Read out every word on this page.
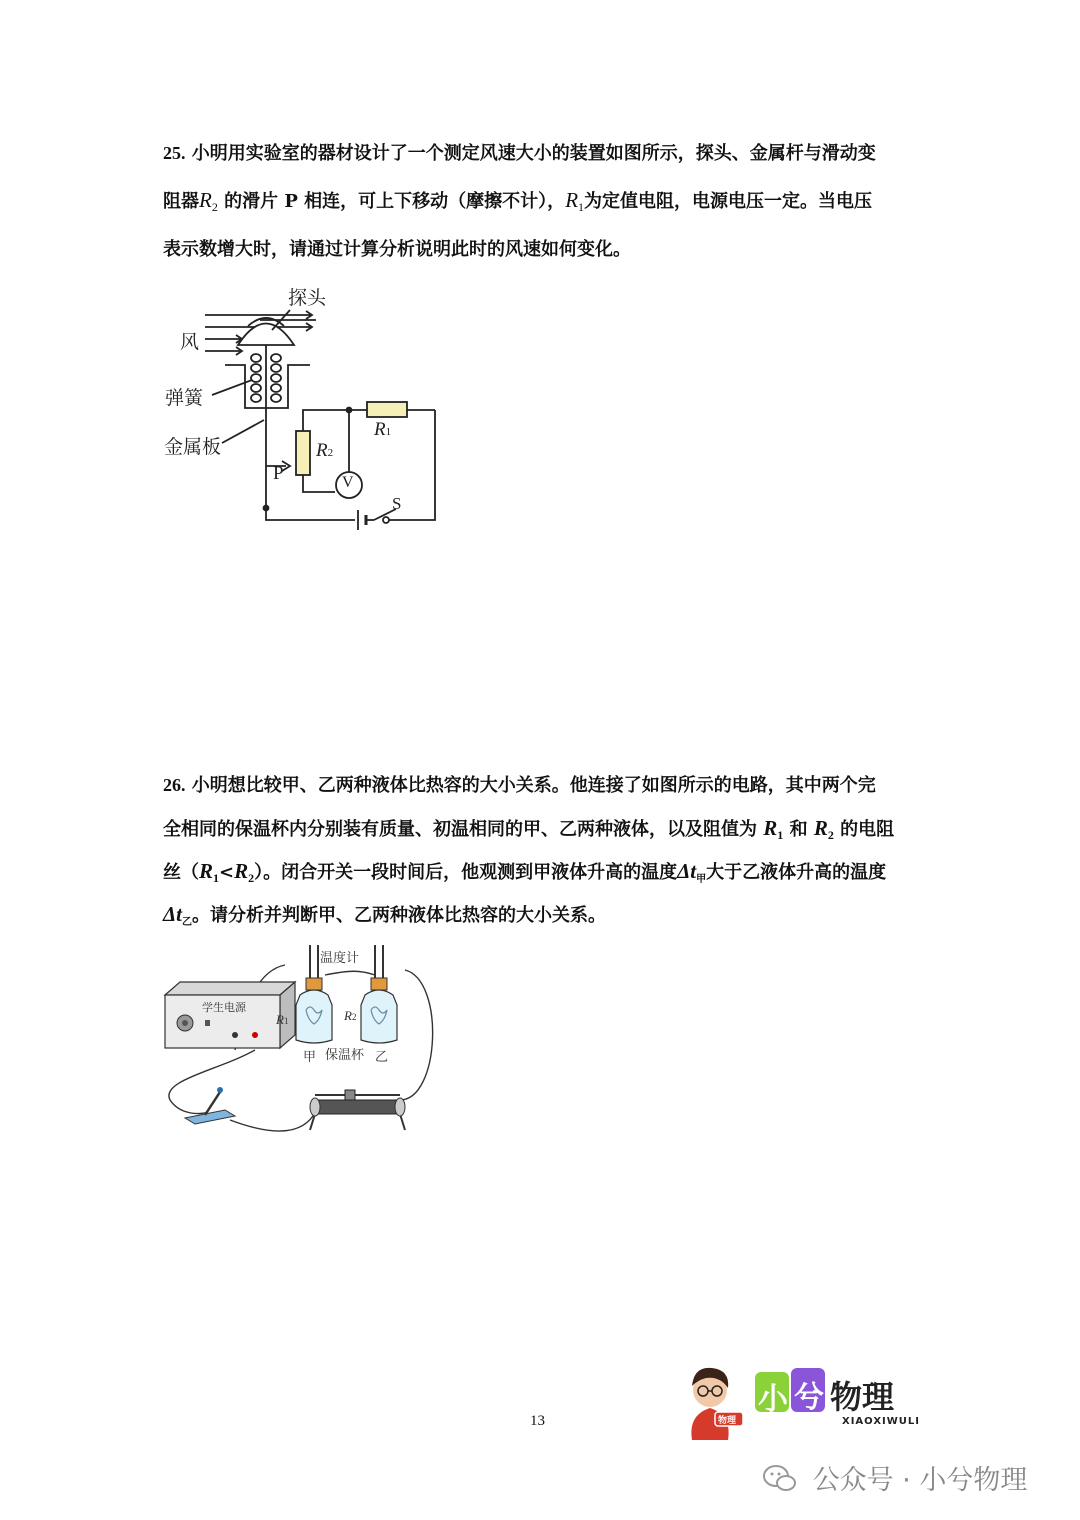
25. 小明用实验室的器材设计了一个测定风速大小的装置如图所示，探头、金属杆与滑动变
阻器$R_2$ 的滑片 P 相连，可上下移动（摩擦不计），$R_1$为定值电阻，电源电压一定。当电压
表示数增大时，请通过计算分析说明此时的风速如何变化。
探头
风
弹簧
金属板
P
R2
R1
V
S
26. 小明想比较甲、乙两种液体比热容的大小关系。他连接了如图所示的电路，其中两个完
全相同的保温杯内分别装有质量、初温相同的甲、乙两种液体，以及阻值为 $R_1$ 和 $R_2$ 的电阻
丝$(R_1<R_2)$。闭合开关一段时间后，他观测到甲液体升高的温度$\Delta t_甲$大于乙液体升高的温度
$\Delta t_乙$。请分析并判断甲、乙两种液体比热容的大小关系。
温度计
学生电源
R1	R2
甲 保温杯 乙
13	物理
小 兮 物理
XIAOXIWULI
公众号 · 小兮物理
